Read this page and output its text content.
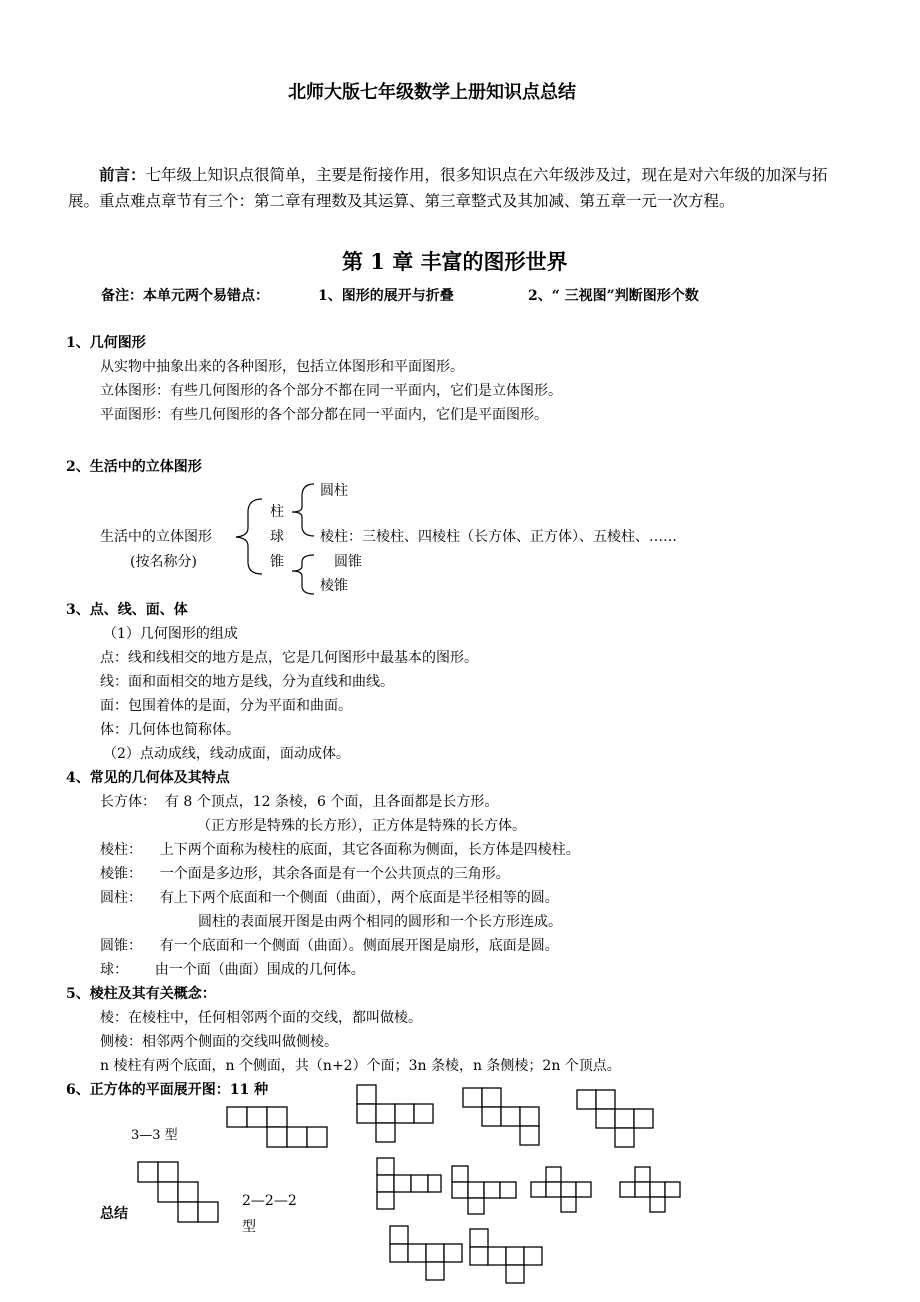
北师大版七年级数学上册知识点总结
前言：七年级上知识点很简单，主要是衔接作用，很多知识点在六年级涉及过，现在是对六年级的加深与拓展。重点难点章节有三个：第二章有理数及其运算、第三章整式及其加减、第五章一元一次方程。
第 1 章 丰富的图形世界
备注：本单元两个易错点：	1、图形的展开与折叠	2、“ 三视图”判断图形个数
1、几何图形
从实物中抽象出来的各种图形，包括立体图形和平面图形。
立体图形：有些几何图形的各个部分不都在同一平面内，它们是立体图形。
平面图形：有些几何图形的各个部分都在同一平面内，它们是平面图形。
2、生活中的立体图形
生活中的立体图形
(按名称分)
柱
球
锥
圆柱
棱柱：三棱柱、四棱柱（长方体、正方体）、五棱柱、……
圆锥
棱锥
3、点、线、面、体
（1）几何图形的组成
点：线和线相交的地方是点，它是几何图形中最基本的图形。
线：面和面相交的地方是线，分为直线和曲线。
面：包围着体的是面，分为平面和曲面。
体：几何体也简称体。
（2）点动成线，线动成面，面动成体。
4、常见的几何体及其特点
长方体：  有 8 个顶点，12 条棱，6 个面，且各面都是长方形。
（正方形是特殊的长方形），正方体是特殊的长方体。
棱柱：    上下两个面称为棱柱的底面，其它各面称为侧面，长方体是四棱柱。
棱锥：    一个面是多边形，其余各面是有一个公共顶点的三角形。
圆柱：    有上下两个底面和一个侧面（曲面），两个底面是半径相等的圆。
圆柱的表面展开图是由两个相同的圆形和一个长方形连成。
圆锥：    有一个底面和一个侧面（曲面）。侧面展开图是扇形，底面是圆。
球：      由一个面（曲面）围成的几何体。
5、棱柱及其有关概念：
棱：在棱柱中，任何相邻两个面的交线，都叫做棱。
侧棱：相邻两个侧面的交线叫做侧棱。
n 棱柱有两个底面，n 个侧面，共（n+2）个面；3n 条棱，n 条侧棱；2n 个顶点。
6、正方体的平面展开图：11 种
3—3 型
2—2—2
型
总结
